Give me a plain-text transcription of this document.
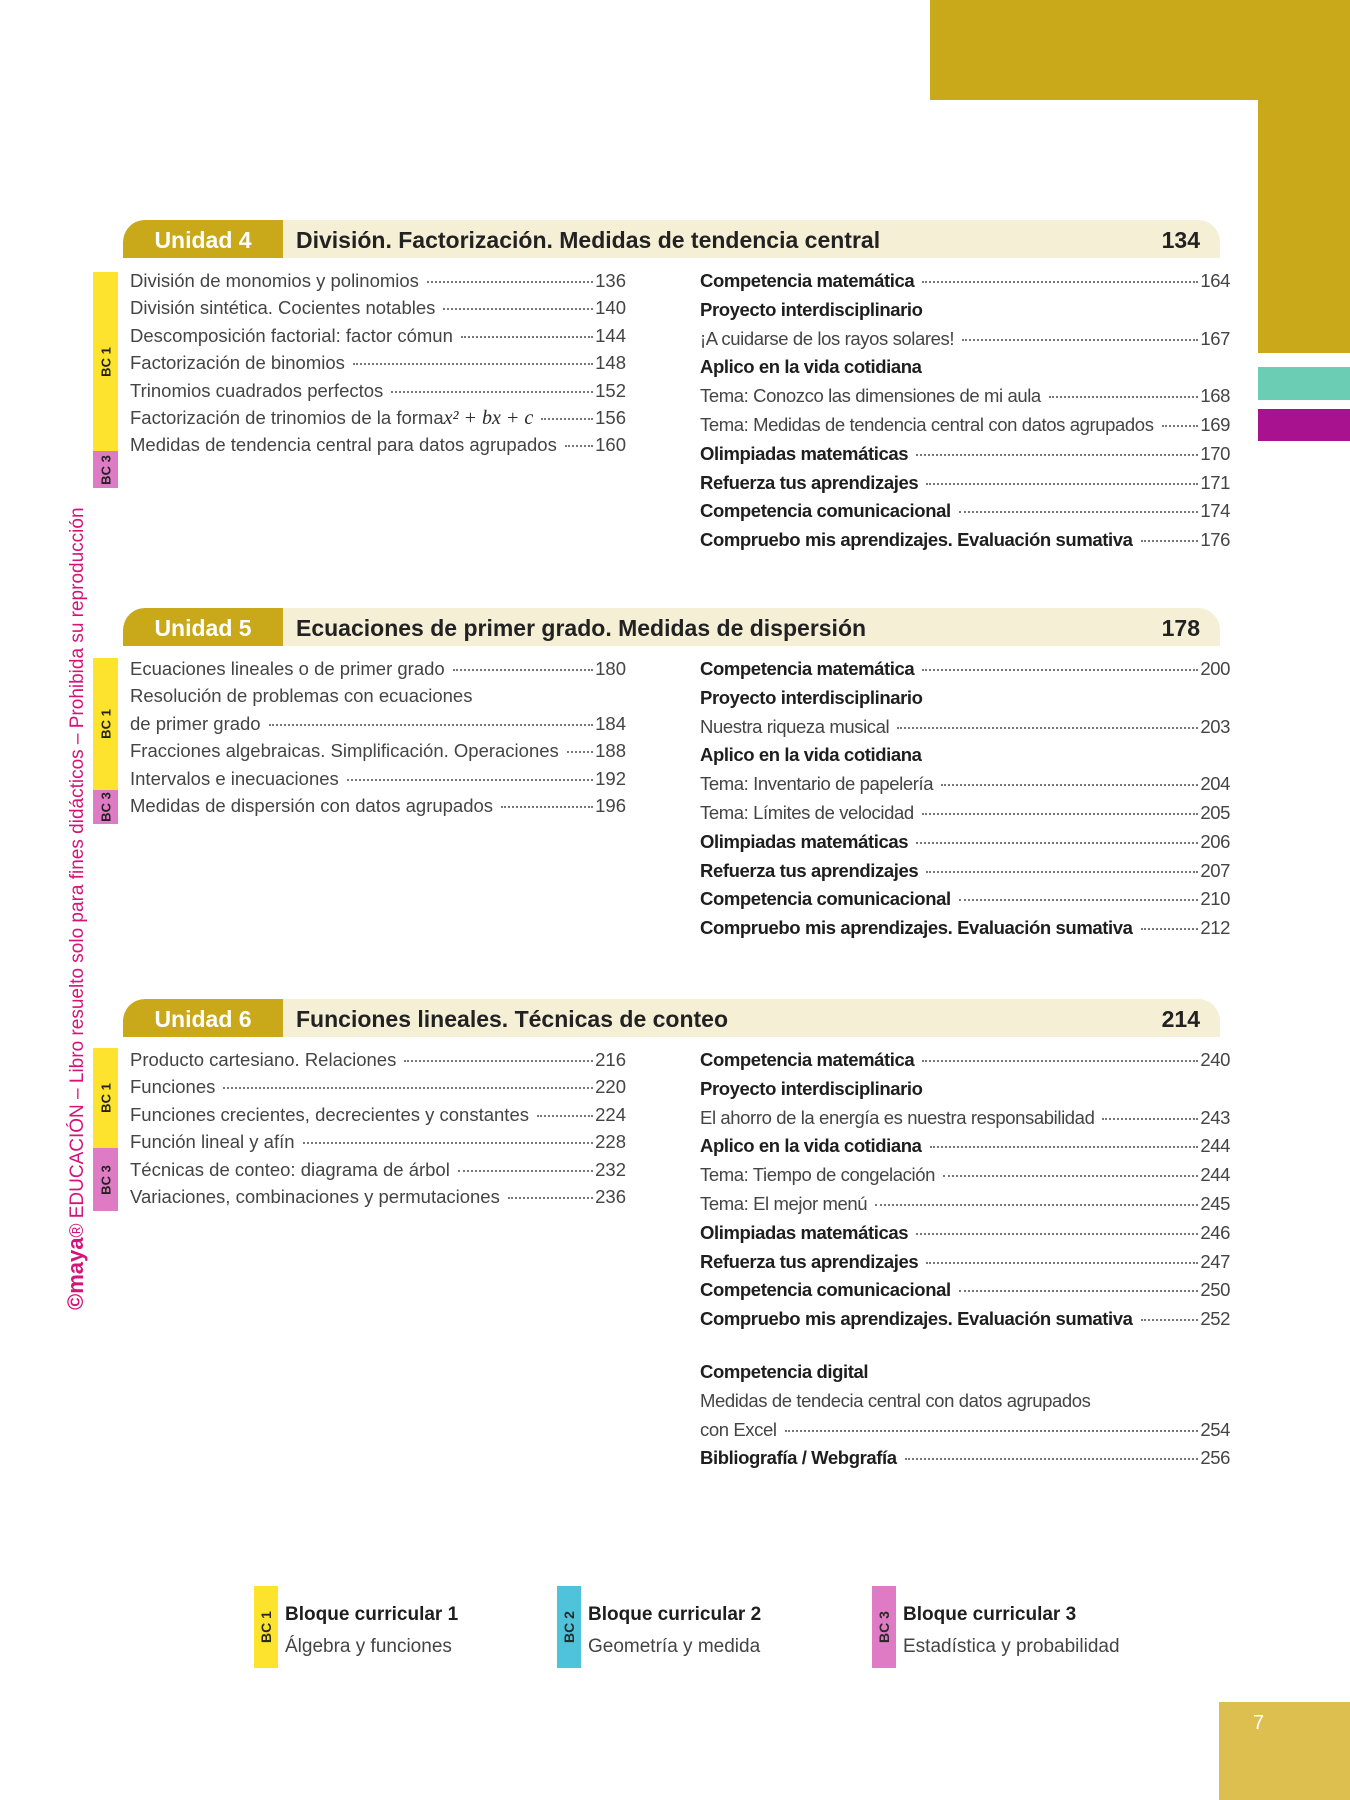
©maya® EDUCACIÓN – Libro resuelto solo para fines didácticos – Prohibida su reproducción
Unidad 4	División. Factorización. Medidas de tendencia central	134
División de monomios y polinomios	136
División sintética. Cocientes notables	140
Descomposición factorial: factor cómun	144
Factorización de binomios	148
Trinomios cuadrados perfectos	152
Factorización de trinomios de la forma x² + bx + c	156
Medidas de tendencia central para datos agrupados 160
Competencia matemática	164
Proyecto interdisciplinario
¡A cuidarse de los rayos solares!	167
Aplico en la vida cotidiana
Tema: Conozco las dimensiones de mi aula	168
Tema: Medidas de tendencia central con datos agrupados	169
Olimpiadas matemáticas	170
Refuerza tus aprendizajes	171
Competencia comunicacional	174
Compruebo mis aprendizajes. Evaluación sumativa	176
BC 1
BC 3
Unidad 5	Ecuaciones de primer grado. Medidas de dispersión	178
Ecuaciones lineales o de primer grado	180
Resolución de problemas con ecuaciones
de primer grado	184
Fracciones algebraicas. Simplificación. Operaciones 188
Intervalos e inecuaciones	192
Medidas de dispersión con datos agrupados	196
Competencia matemática	200
Proyecto interdisciplinario
Nuestra riqueza musical	203
Aplico en la vida cotidiana
Tema: Inventario de papelería	204
Tema: Límites de velocidad	205
Olimpiadas matemáticas	206
Refuerza tus aprendizajes	207
Competencia comunicacional	210
Compruebo mis aprendizajes. Evaluación sumativa	212
BC 1
BC 3
Unidad 6	Funciones lineales. Técnicas de conteo	214
Producto cartesiano. Relaciones	216
Funciones	220
Funciones crecientes, decrecientes y constantes	224
Función lineal y afín	228
Técnicas de conteo: diagrama de árbol	232
Variaciones, combinaciones y permutaciones	236
Competencia matemática	240
Proyecto interdisciplinario
El ahorro de la energía es nuestra responsabilidad	243
Aplico en la vida cotidiana	244
Tema: Tiempo de congelación	244
Tema: El mejor menú	245
Olimpiadas matemáticas	246
Refuerza tus aprendizajes	247
Competencia comunicacional	250
Compruebo mis aprendizajes. Evaluación sumativa	252
BC 1
BC 3
Competencia digital
Medidas de tendecia central con datos agrupados
con Excel	254
Bibliografía / Webgrafía	256
BC 1 Bloque curricular 1
Álgebra y funciones
BC 2 Bloque curricular 2
Geometría y medida
BC 3 Bloque curricular 3
Estadística y probabilidad
7
